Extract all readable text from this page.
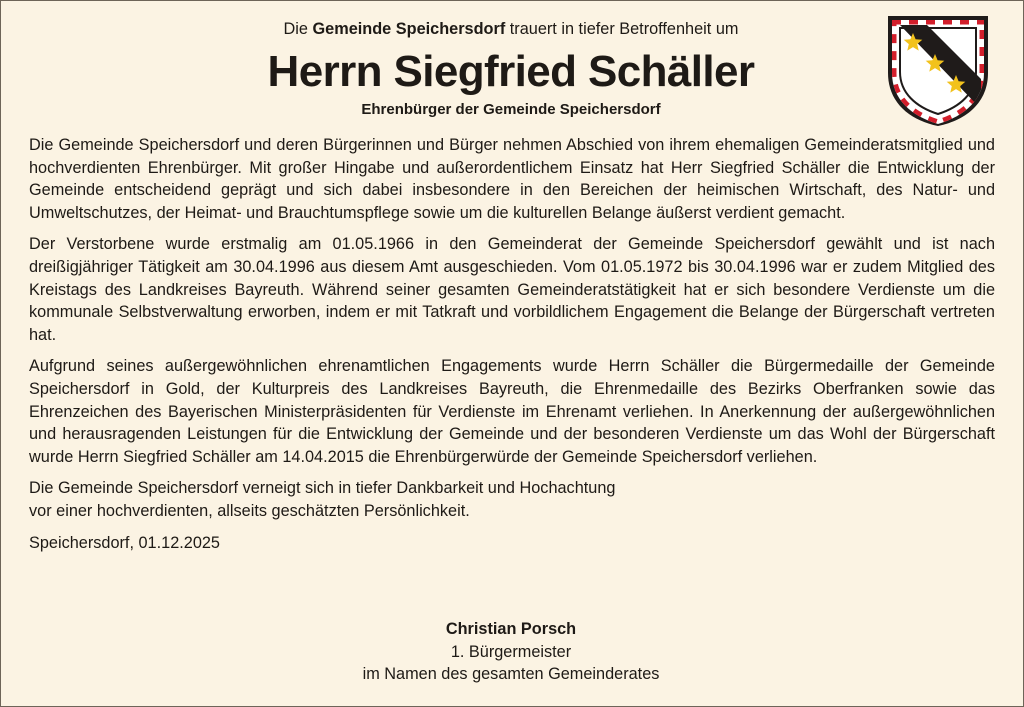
Die Gemeinde Speichersdorf trauert in tiefer Betroffenheit um
Herrn Siegfried Schäller
Ehrenbürger der Gemeinde Speichersdorf

Die Gemeinde Speichersdorf und deren Bürgerinnen und Bürger nehmen Abschied von ihrem ehemaligen Gemeinderatsmitglied und hochverdienten Ehrenbürger. Mit großer Hingabe und außerordentlichem Einsatz hat Herr Siegfried Schäller die Entwicklung der Gemeinde entscheidend geprägt und sich dabei insbesondere in den Bereichen der heimischen Wirtschaft, des Natur- und Umweltschutzes, der Heimat- und Brauchtumspflege sowie um die kulturellen Belange äußerst verdient gemacht.

Der Verstorbene wurde erstmalig am 01.05.1966 in den Gemeinderat der Gemeinde Speichersdorf gewählt und ist nach dreißigjähriger Tätigkeit am 30.04.1996 aus diesem Amt ausgeschieden. Vom 01.05.1972 bis 30.04.1996 war er zudem Mitglied des Kreistags des Landkreises Bayreuth. Während seiner gesamten Gemeinderatstätigkeit hat er sich besondere Verdienste um die kommunale Selbstverwaltung erworben, indem er mit Tatkraft und vorbildlichem Engagement die Belange der Bürgerschaft vertreten hat.

Aufgrund seines außergewöhnlichen ehrenamtlichen Engagements wurde Herrn Schäller die Bürgermedaille der Gemeinde Speichersdorf in Gold, der Kulturpreis des Landkreises Bayreuth, die Ehrenmedaille des Bezirks Oberfranken sowie das Ehrenzeichen des Bayerischen Ministerpräsidenten für Verdienste im Ehrenamt verliehen. In Anerkennung der außergewöhnlichen und herausragenden Leistungen für die Entwicklung der Gemeinde und der besonderen Verdienste um das Wohl der Bürgerschaft wurde Herrn Siegfried Schäller am 14.04.2015 die Ehrenbürgerwürde der Gemeinde Speichersdorf verliehen.

Die Gemeinde Speichersdorf verneigt sich in tiefer Dankbarkeit und Hochachtung
vor einer hochverdienten, allseits geschätzten Persönlichkeit.

Speichersdorf, 01.12.2025

Christian Porsch
1. Bürgermeister
im Namen des gesamten Gemeinderates
